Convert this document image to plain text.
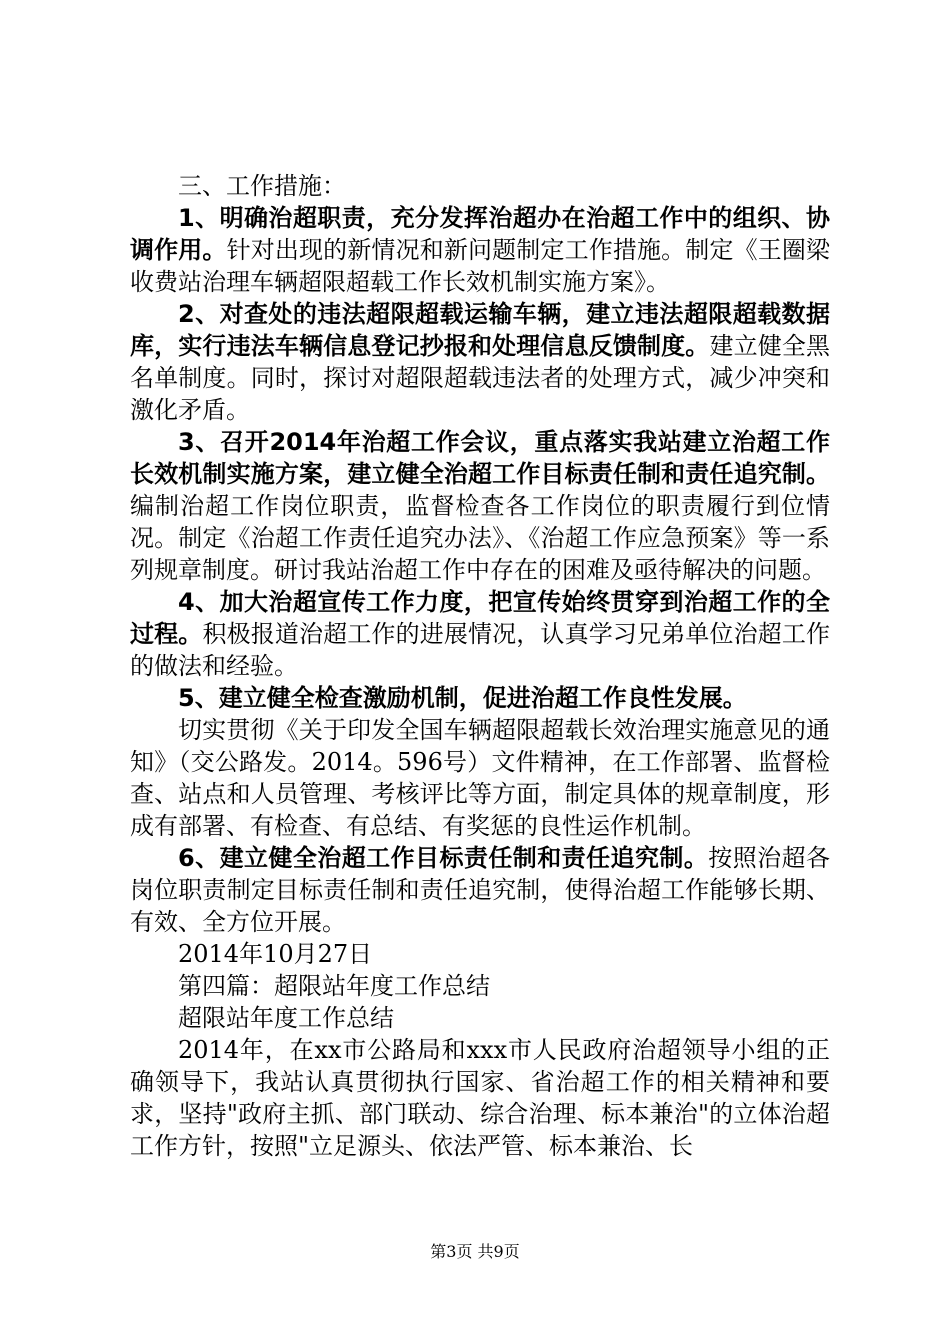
三、工作措施：

1、明确治超职责，充分发挥治超办在治超工作中的组织、协调作用。针对出现的新情况和新问题制定工作措施。制定《王圈梁收费站治理车辆超限超载工作长效机制实施方案》。

2、对查处的违法超限超载运输车辆，建立违法超限超载数据库，实行违法车辆信息登记抄报和处理信息反馈制度。建立健全黑名单制度。同时，探讨对超限超载违法者的处理方式，减少冲突和激化矛盾。

3、召开2014年治超工作会议，重点落实我站建立治超工作长效机制实施方案，建立健全治超工作目标责任制和责任追究制。编制治超工作岗位职责，监督检查各工作岗位的职责履行到位情况。制定《治超工作责任追究办法》、《治超工作应急预案》等一系列规章制度。研讨我站治超工作中存在的困难及亟待解决的问题。

4、加大治超宣传工作力度，把宣传始终贯穿到治超工作的全过程。积极报道治超工作的进展情况，认真学习兄弟单位治超工作的做法和经验。

5、建立健全检查激励机制，促进治超工作良性发展。

切实贯彻《关于印发全国车辆超限超载长效治理实施意见的通知》（交公路发。2014。596号）文件精神，在工作部署、监督检查、站点和人员管理、考核评比等方面，制定具体的规章制度，形成有部署、有检查、有总结、有奖惩的良性运作机制。

6、建立健全治超工作目标责任制和责任追究制。按照治超各岗位职责制定目标责任制和责任追究制，使得治超工作能够长期、有效、全方位开展。

2014年10月27日

第四篇：超限站年度工作总结

超限站年度工作总结

2014年，在xx市公路局和xxx市人民政府治超领导小组的正确领导下，我站认真贯彻执行国家、省治超工作的相关精神和要求，坚持"政府主抓、部门联动、综合治理、标本兼治"的立体治超工作方针，按照"立足源头、依法严管、标本兼治、长

第3页 共9页
